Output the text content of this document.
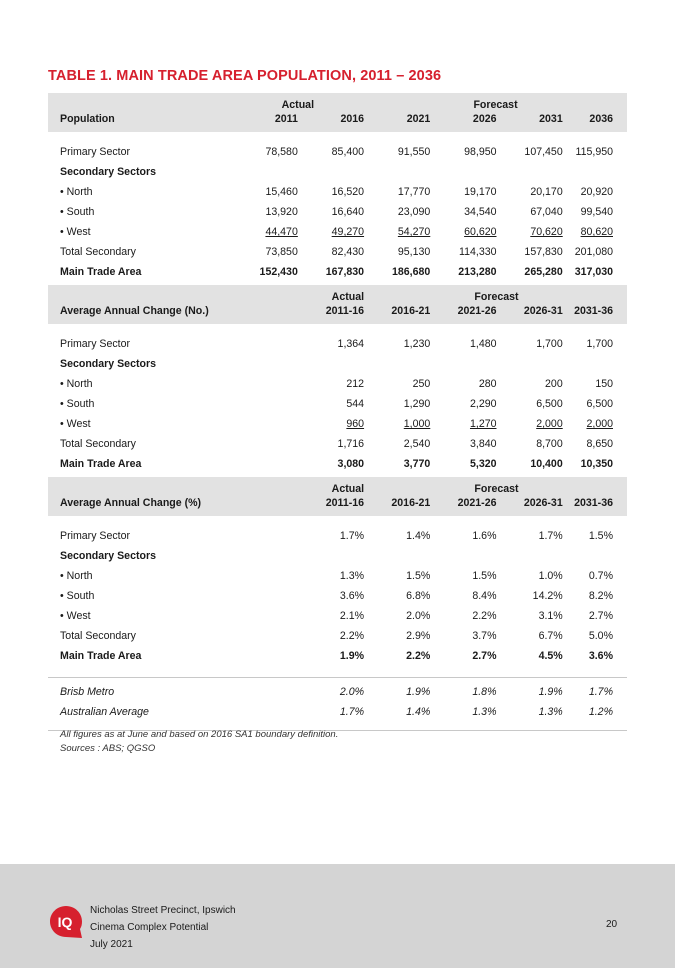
TABLE 1. MAIN TRADE AREA POPULATION, 2011 – 2036
	Actual		Forecast			
Population	2011	2016	2021	2026	2031	2036

Primary Sector	78,580	85,400	91,550	98,950	107,450	115,950
Secondary Sectors						
• North	15,460	16,520	17,770	19,170	20,170	20,920
• South	13,920	16,640	23,090	34,540	67,040	99,540
• West	44,470	49,270	54,270	60,620	70,620	80,620
Total Secondary	73,850	82,430	95,130	114,330	157,830	201,080
Main Trade Area	152,430	167,830	186,680	213,280	265,280	317,030
		Actual		Forecast		
Average Annual Change (No.)		2011-16	2016-21	2021-26	2026-31	2031-36

Primary Sector		1,364	1,230	1,480	1,700	1,700
Secondary Sectors						
• North		212	250	280	200	150
• South		544	1,290	2,290	6,500	6,500
• West		960	1,000	1,270	2,000	2,000
Total Secondary		1,716	2,540	3,840	8,700	8,650
Main Trade Area		3,080	3,770	5,320	10,400	10,350
		Actual		Forecast		
Average Annual Change (%)		2011-16	2016-21	2021-26	2026-31	2031-36

Primary Sector		1.7%	1.4%	1.6%	1.7%	1.5%
Secondary Sectors						
• North		1.3%	1.5%	1.5%	1.0%	0.7%
• South		3.6%	6.8%	8.4%	14.2%	8.2%
• West		2.1%	2.0%	2.2%	3.1%	2.7%
Total Secondary		2.2%	2.9%	3.7%	6.7%	5.0%
Main Trade Area		1.9%	2.2%	2.7%	4.5%	3.6%

Brisb Metro		2.0%	1.9%	1.8%	1.9%	1.7%
Australian Average		1.7%	1.4%	1.3%	1.3%	1.2%

All figures as at June and based on 2016 SA1 boundary definition.
Sources : ABS; QGSO
IQ
Nicholas Street Precinct, Ipswich
Cinema Complex Potential
July 2021
20
